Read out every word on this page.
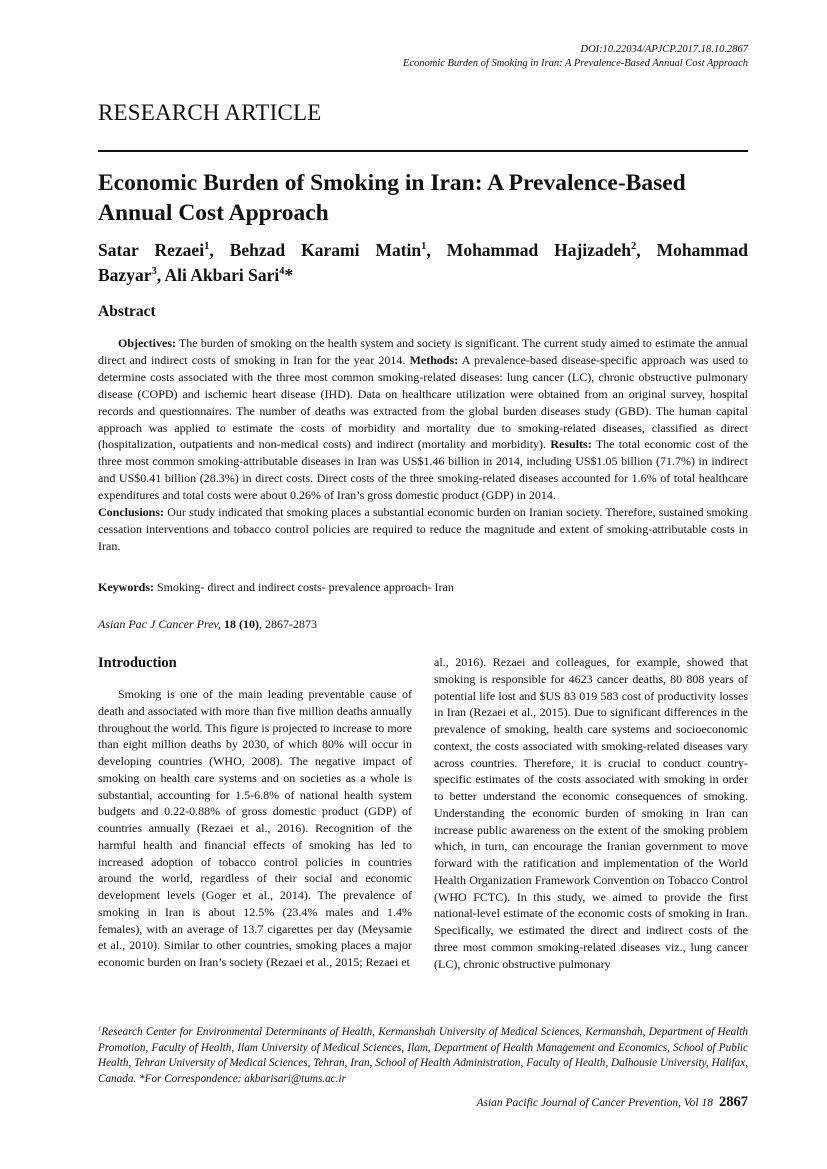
DOI:10.22034/APJCP.2017.18.10.2867
Economic Burden of Smoking in Iran: A Prevalence-Based Annual Cost Approach
RESEARCH ARTICLE
Economic Burden of Smoking in Iran: A Prevalence-Based
Annual Cost Approach
Satar Rezaei$^1$, Behzad Karami Matin$^1$, Mohammad Hajizadeh$^2$, Mohammad
Bazyar$^3$, Ali Akbari Sari$^4$*
Abstract

Objectives: The burden of smoking on the health system and society is significant. The current study aimed to estimate the annual direct and indirect costs of smoking in Iran for the year 2014. Methods: A prevalence-based disease-specific approach was used to determine costs associated with the three most common smoking-related diseases: lung cancer (LC), chronic obstructive pulmonary disease (COPD) and ischemic heart disease (IHD). Data on healthcare utilization were obtained from an original survey, hospital records and questionnaires. The number of deaths was extracted from the global burden diseases study (GBD). The human capital approach was applied to estimate the costs of morbidity and mortality due to smoking-related diseases, classified as direct (hospitalization, outpatients and non-medical costs) and indirect (mortality and morbidity). Results: The total economic cost of the three most common smoking-attributable diseases in Iran was US$1.46 billion in 2014, including US$1.05 billion (71.7%) in indirect and US$0.41 billion (28.3%) in direct costs. Direct costs of the three smoking-related diseases accounted for 1.6% of total healthcare expenditures and total costs were about 0.26% of Iran’s gross domestic product (GDP) in 2014.
Conclusions: Our study indicated that smoking places a substantial economic burden on Iranian society. Therefore, sustained smoking cessation interventions and tobacco control policies are required to reduce the magnitude and extent of smoking-attributable costs in Iran.

Keywords: Smoking- direct and indirect costs- prevalence approach- Iran
Asian Pac J Cancer Prev, 18 (10), 2867-2873
Introduction

Smoking is one of the main leading preventable cause of death and associated with more than five million deaths annually throughout the world. This figure is projected to increase to more than eight million deaths by 2030, of which 80% will occur in developing countries (WHO, 2008). The negative impact of smoking on health care systems and on societies as a whole is substantial, accounting for 1.5-6.8% of national health system budgets and 0.22-0.88% of gross domestic product (GDP) of countries annually (Rezaei et al., 2016). Recognition of the harmful health and financial effects of smoking has led to increased adoption of tobacco control policies in countries around the world, regardless of their social and economic development levels (Goger et al., 2014). The prevalence of smoking in Iran is about 12.5% (23.4% males and 1.4% females), with an average of 13.7 cigarettes per day (Meysamie et al., 2010). Similar to other countries, smoking places a major economic burden on Iran’s society (Rezaei et al., 2015; Rezaei et

al., 2016). Rezaei and colleagues, for example, showed that smoking is responsible for 4623 cancer deaths, 80 808 years of potential life lost and $US 83 019 583 cost of productivity losses in Iran (Rezaei et al., 2015). Due to significant differences in the prevalence of smoking, health care systems and socioeconomic context, the costs associated with smoking-related diseases vary across countries. Therefore, it is crucial to conduct country-specific estimates of the costs associated with smoking in order to better understand the economic consequences of smoking. Understanding the economic burden of smoking in Iran can increase public awareness on the extent of the smoking problem which, in turn, can encourage the Iranian government to move forward with the ratification and implementation of the World Health Organization Framework Convention on Tobacco Control (WHO FCTC). In this study, we aimed to provide the first national-level estimate of the economic costs of smoking in Iran. Specifically, we estimated the direct and indirect costs of the three most common smoking-related diseases viz., lung cancer (LC), chronic obstructive pulmonary

$^1$Research Center for Environmental Determinants of Health, Kermanshah University of Medical Sciences, Kermanshah, Department of Health Promotion, Faculty of Health, Ilam University of Medical Sciences, Ilam, Department of Health Management and Economics, School of Public Health, Tehran University of Medical Sciences, Tehran, Iran, School of Health Administration, Faculty of Health, Dalhousie University, Halifax, Canada. *For Correspondence: akbarisari@tums.ac.ir
Asian Pacific Journal of Cancer Prevention, Vol 18 2867
